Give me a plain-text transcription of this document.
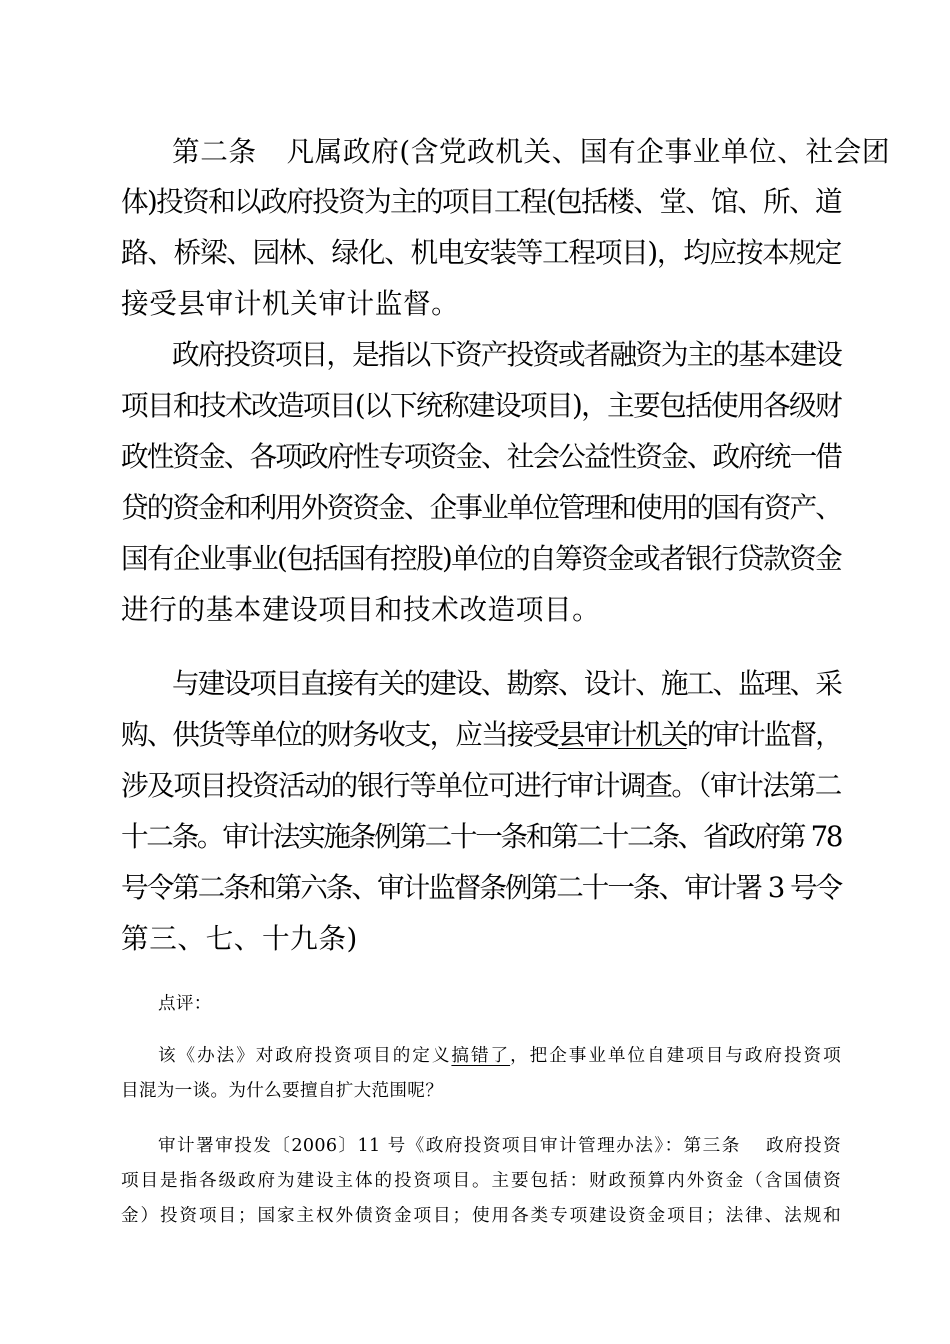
第二条 凡属政府(含党政机关、国有企事业单位、社会团
体)投资和以政府投资为主的项目工程(包括楼、堂、馆、所、道
路、桥梁、园林、绿化、机电安装等工程项目)，均应按本规定
接受县审计机关审计监督。
政府投资项目，是指以下资产投资或者融资为主的基本建设
项目和技术改造项目(以下统称建设项目)，主要包括使用各级财
政性资金、各项政府性专项资金、社会公益性资金、政府统一借
贷的资金和利用外资资金、企事业单位管理和使用的国有资产、
国有企业事业(包括国有控股)单位的自筹资金或者银行贷款资金
进行的基本建设项目和技术改造项目。
与建设项目直接有关的建设、勘察、设计、施工、监理、采
购、供货等单位的财务收支，应当接受县审计机关的审计监督，
涉及项目投资活动的银行等单位可进行审计调查。（审计法第二
十二条。审计法实施条例第二十一条和第二十二条、省政府第 78
号令第二条和第六条、审计监督条例第二十一条、审计署 3 号令
第三、七、十九条)
点评：
该《办法》对政府投资项目的定义搞错了，把企事业单位自建项目与政府投资项
目混为一谈。为什么要擅自扩大范围呢？
审计署审投发〔2006〕11 号《政府投资项目审计管理办法》：第三条 政府投资
项目是指各级政府为建设主体的投资项目。主要包括：财政预算内外资金（含国债资
金）投资项目；国家主权外债资金项目；使用各类专项建设资金项目；法律、法规和
